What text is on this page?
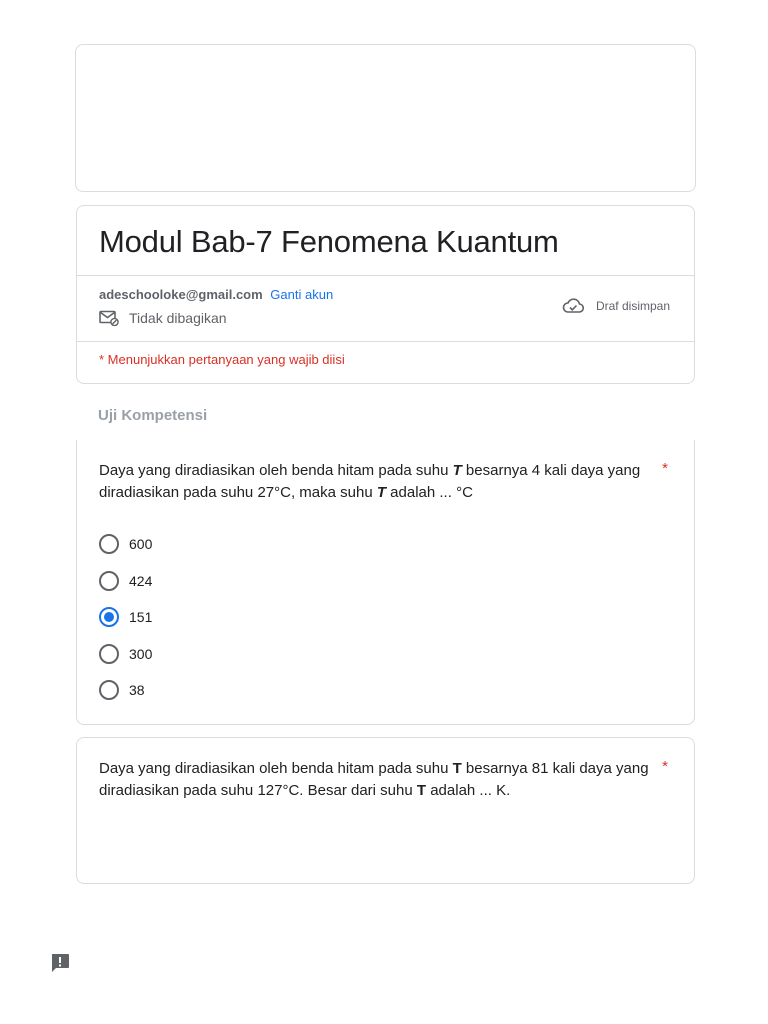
Modul Bab-7 Fenomena Kuantum
adeschooloke@gmail.com Ganti akun
Tidak dibagikan
Draf disimpan
* Menunjukkan pertanyaan yang wajib diisi
Uji Kompetensi
Daya yang diradiasikan oleh benda hitam pada suhu T besarnya 4 kali daya yang diradiasikan pada suhu 27°C, maka suhu T adalah ... °C
*
600
424
151
300
38
Daya yang diradiasikan oleh benda hitam pada suhu T besarnya 81 kali daya yang diradiasikan pada suhu 127°C. Besar dari suhu T adalah ... K.
*
